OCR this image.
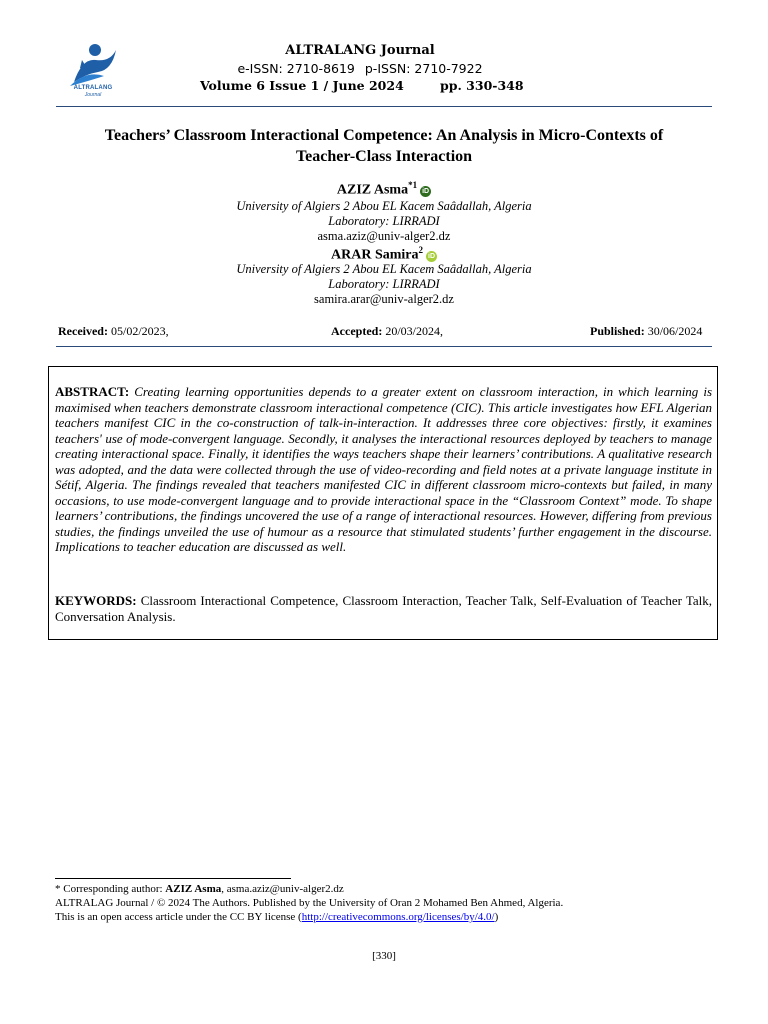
ALTRALANG
Journal
ALTRALANG Journal
e-ISSN: 2710-8619 p-ISSN: 2710-7922
Volume 6 Issue 1 / June 2024	pp. 330-348
Teachers’ Classroom Interactional Competence: An Analysis in Micro-Contexts of
Teacher-Class Interaction
AZIZ Asma$^{*1}$iD
University of Algiers 2 Abou EL Kacem Saâdallah, Algeria
Laboratory: LIRRADI
asma.aziz@univ-alger2.dz
ARAR Samira$^2$iD
University of Algiers 2 Abou EL Kacem Saâdallah, Algeria
Laboratory: LIRRADI
samira.arar@univ-alger2.dz
Received: 05/02/2023,	Accepted: 20/03/2024,	Published: 30/06/2024
ABSTRACT: Creating learning opportunities depends to a greater extent on classroom interaction, in which learning is maximised when teachers demonstrate classroom interactional competence (CIC). This article investigates how EFL Algerian teachers manifest CIC in the co-construction of talk-in-interaction. It addresses three core objectives: firstly, it examines teachers' use of mode-convergent language. Secondly, it analyses the interactional resources deployed by teachers to manage creating interactional space. Finally, it identifies the ways teachers shape their learners’ contributions. A qualitative research was adopted, and the data were collected through the use of video-recording and field notes at a private language institute in Sétif, Algeria. The findings revealed that teachers manifested CIC in different classroom micro-contexts but failed, in many occasions, to use mode-convergent language and to provide interactional space in the “Classroom Context” mode. To shape learners’ contributions, the findings uncovered the use of a range of interactional resources. However, differing from previous studies, the findings unveiled the use of humour as a resource that stimulated students’ further engagement in the discourse. Implications to teacher education are discussed as well.
KEYWORDS: Classroom Interactional Competence, Classroom Interaction, Teacher Talk, Self-Evaluation of Teacher Talk, Conversation Analysis.
* Corresponding author: AZIZ Asma, asma.aziz@univ-alger2.dz
ALTRALAG Journal / © 2024 The Authors. Published by the University of Oran 2 Mohamed Ben Ahmed, Algeria.
This is an open access article under the CC BY license (http://creativecommons.org/licenses/by/4.0/)
[330]
